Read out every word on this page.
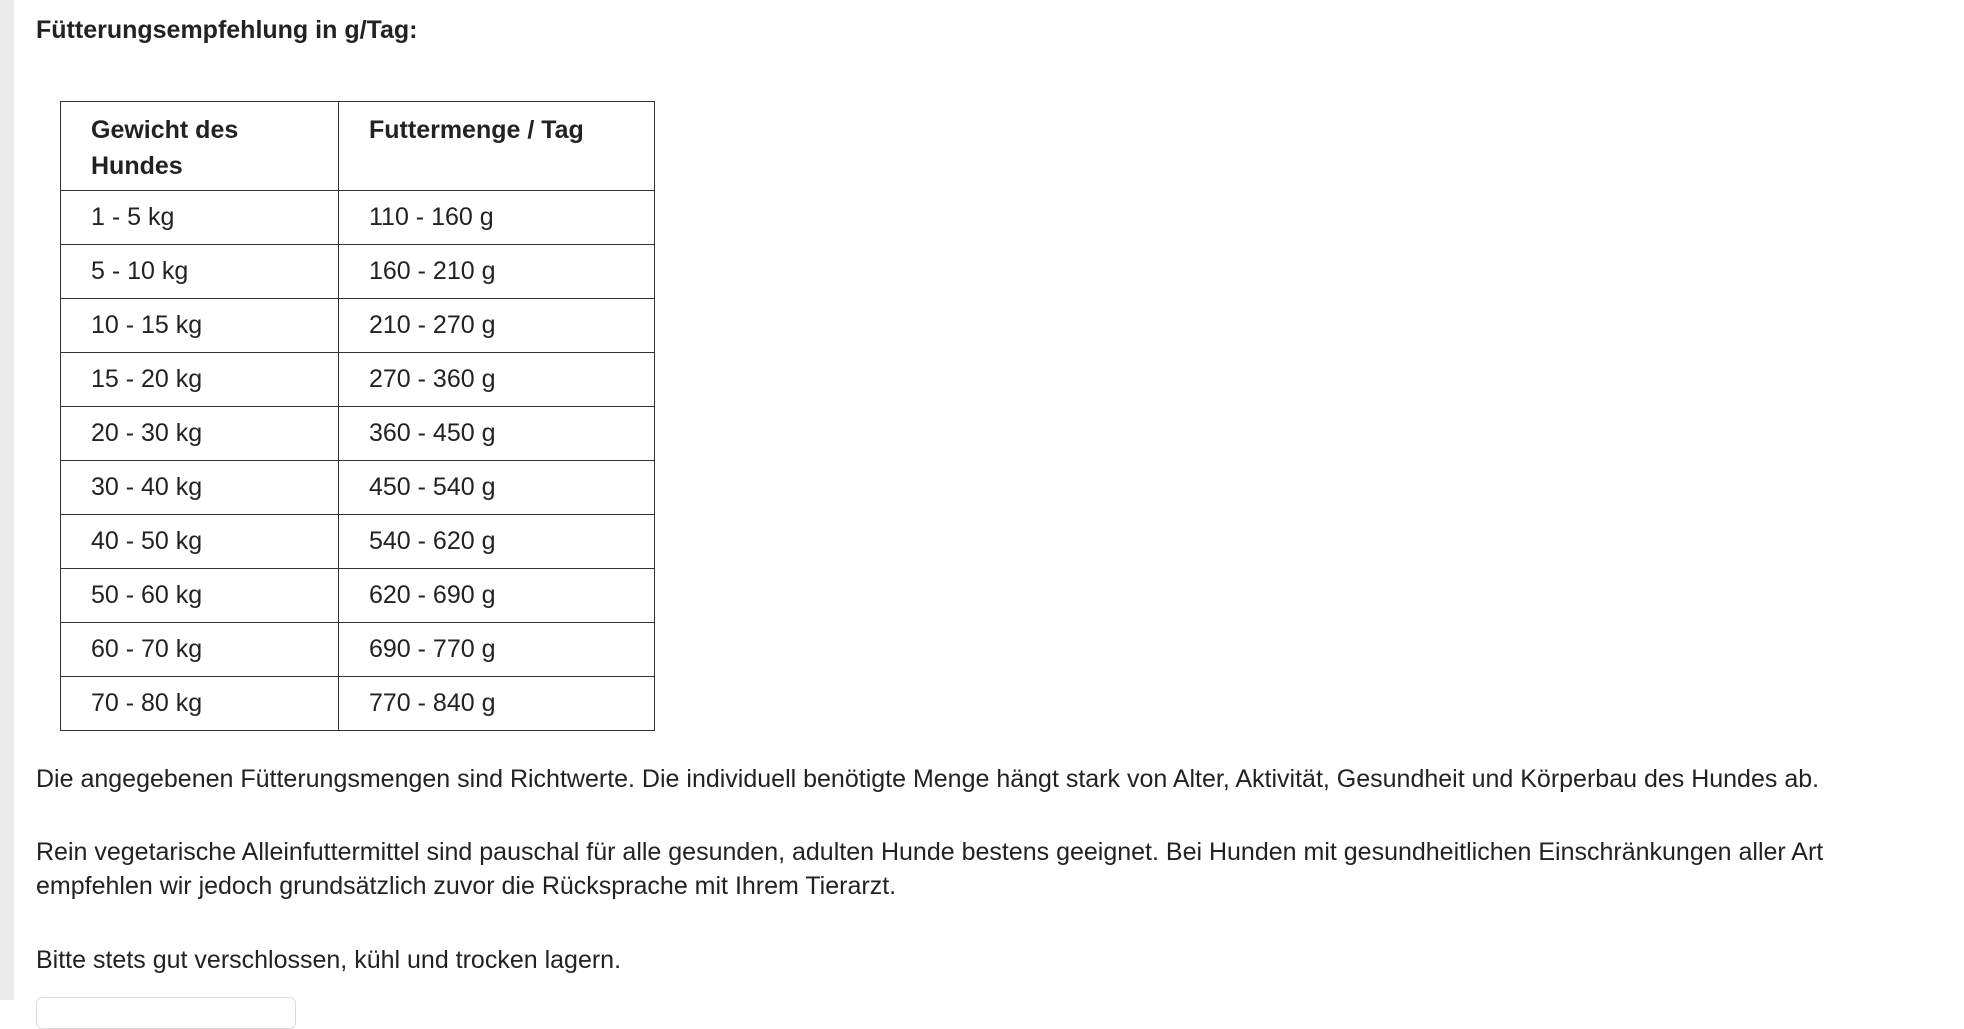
Fütterungsempfehlung in g/Tag:

Gewicht des Hundes	Futtermenge / Tag
1 - 5 kg	110 - 160 g
5 - 10 kg	160 - 210 g
10 - 15 kg	210 - 270 g
15 - 20 kg	270 - 360 g
20 - 30 kg	360 - 450 g
30 - 40 kg	450 - 540 g
40 - 50 kg	540 - 620 g
50 - 60 kg	620 - 690 g
60 - 70 kg	690 - 770 g
70 - 80 kg	770 - 840 g

Die angegebenen Fütterungsmengen sind Richtwerte. Die individuell benötigte Menge hängt stark von Alter, Aktivität, Gesundheit und Körperbau des Hundes ab.

Rein vegetarische Alleinfuttermittel sind pauschal für alle gesunden, adulten Hunde bestens geeignet. Bei Hunden mit gesundheitlichen Einschränkungen aller Art empfehlen wir jedoch grundsätzlich zuvor die Rücksprache mit Ihrem Tierarzt.

Bitte stets gut verschlossen, kühl und trocken lagern.
